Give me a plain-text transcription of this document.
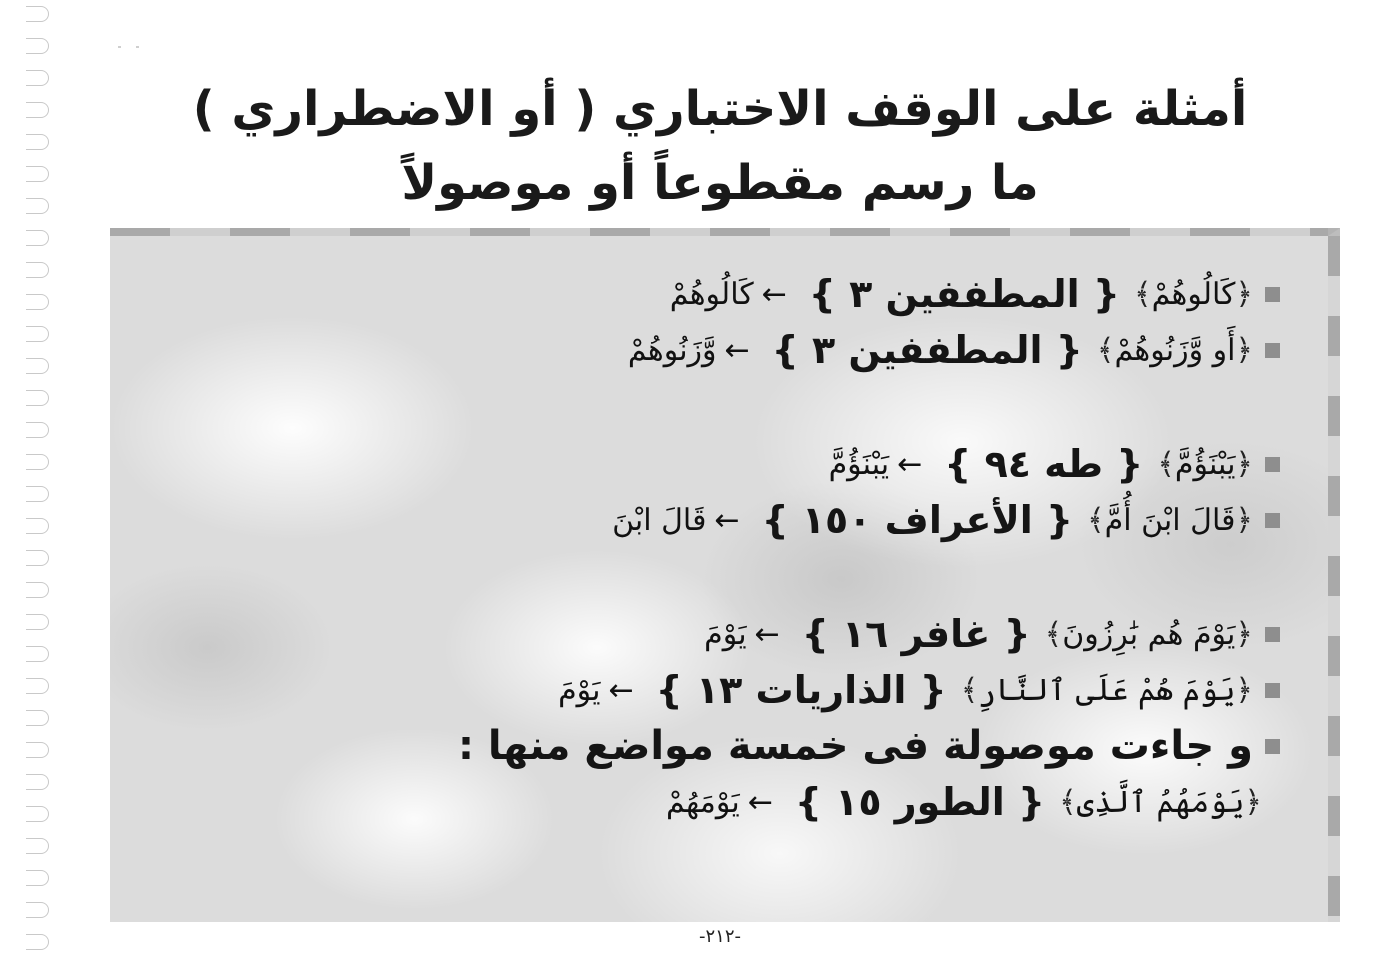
أمثلة على الوقف الاختباري ( أو الاضطراري )
ما رسم مقطوعاً أو موصولاً
﴿
كَالُوهُمْ
﴾
{ المطففين ٣ }
←
كَالُوهُمْ
﴿
أَو وَّزَنُوهُمْ
﴾
{ المطففين ٣ }
←
وَّزَنُوهُمْ
﴿
يَبْنَؤُمَّ
﴾
{ طه ٩٤ }
←
يَبْنَؤُمَّ
﴿
قَالَ ابْنَ أُمَّ
﴾
{ الأعراف ١٥٠ }
←
قَالَ ابْنَ
﴿
يَوْمَ هُم بَٰرِزُونَ
﴾
{ غافر ١٦ }
←
يَوْمَ
﴿
يَوْمَ هُمْ عَلَى ٱلنَّارِ
﴾
{ الذاريات ١٣ }
←
يَوْمَ
و جاءت موصولة فى خمسة مواضع منها :
﴿
يَوْمَهُمُ ٱلَّذِى
﴾
{ الطور ١٥ }
←
يَوْمَهُمْ
-٢١٢-
